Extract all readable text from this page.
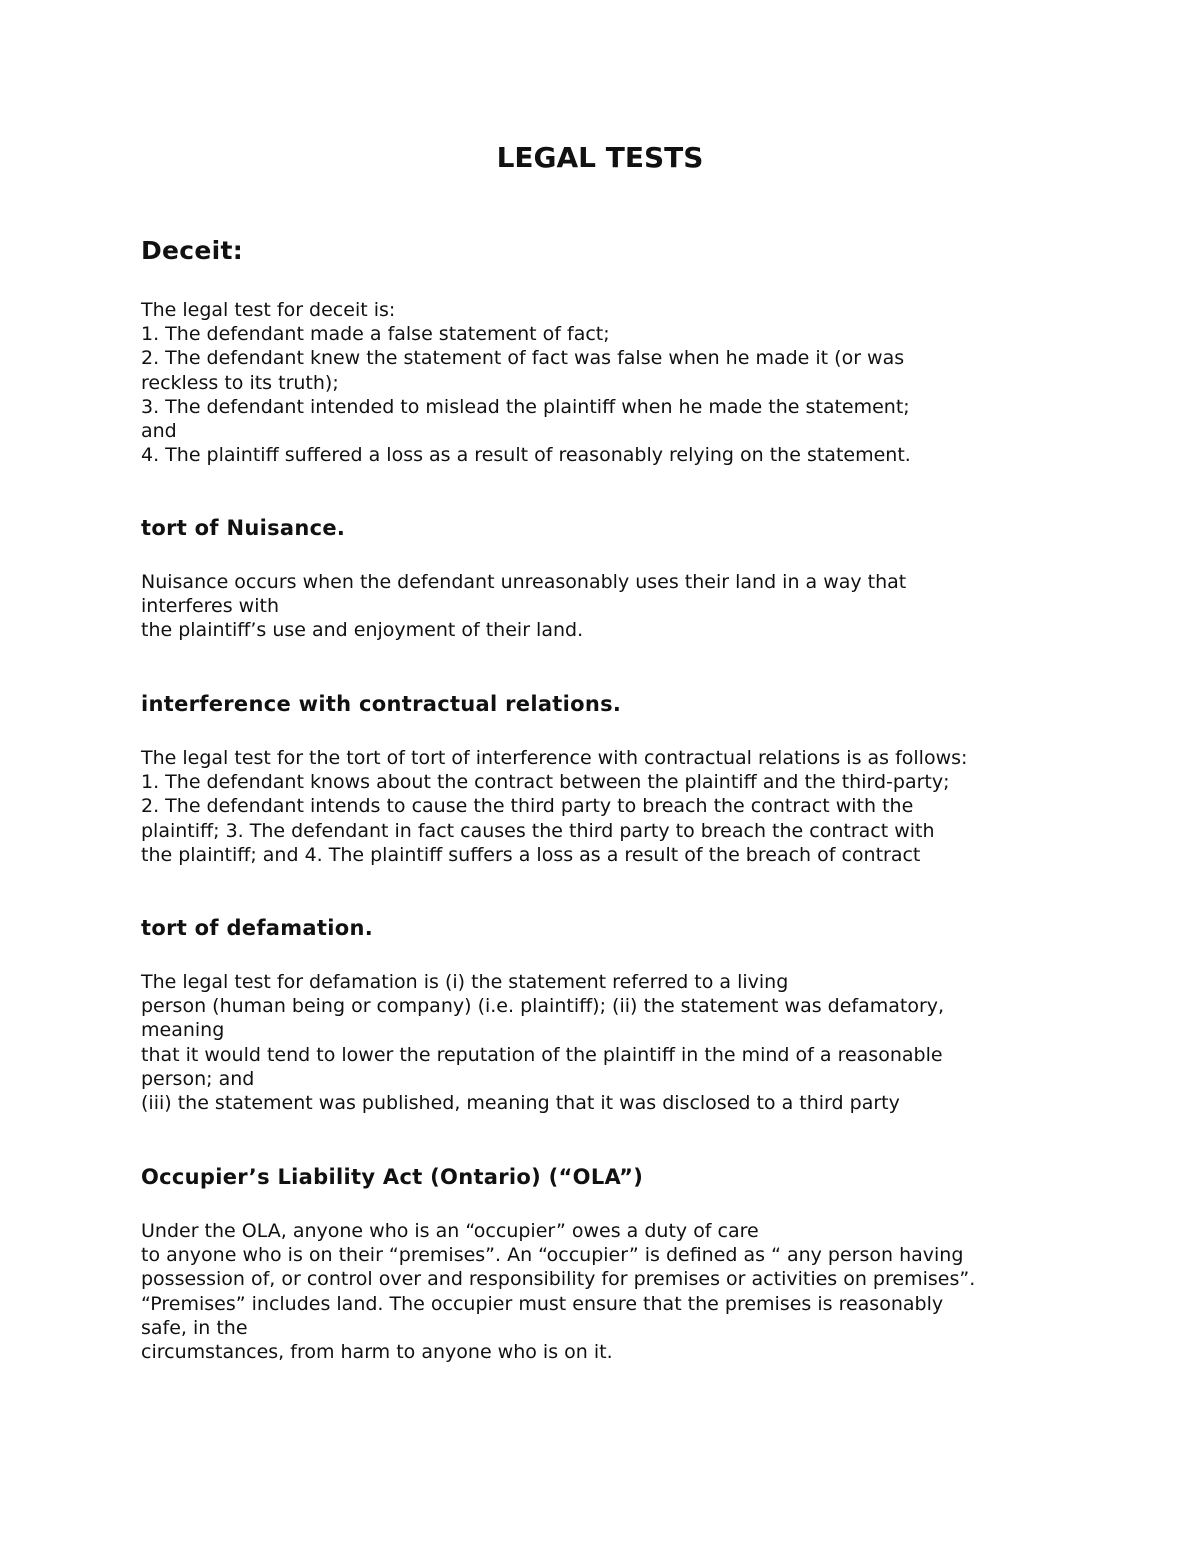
LEGAL TESTS
Deceit:
The legal test for deceit is:
1. The defendant made a false statement of fact;
2. The defendant knew the statement of fact was false when he made it (or was
reckless to its truth);
3. The defendant intended to mislead the plaintiff when he made the statement;
and
4. The plaintiff suffered a loss as a result of reasonably relying on the statement.
tort of Nuisance.
Nuisance occurs when the defendant unreasonably uses their land in a way that
interferes with
the plaintiff’s use and enjoyment of their land.
interference with contractual relations.
The legal test for the tort of tort of interference with contractual relations is as follows:
1. The defendant knows about the contract between the plaintiff and the third-party;
2. The defendant intends to cause the third party to breach the contract with the
plaintiff; 3. The defendant in fact causes the third party to breach the contract with
the plaintiff; and 4. The plaintiff suffers a loss as a result of the breach of contract
tort of defamation.
The legal test for defamation is (i) the statement referred to a living
person (human being or company) (i.e. plaintiff); (ii) the statement was defamatory,
meaning
that it would tend to lower the reputation of the plaintiff in the mind of a reasonable
person; and
(iii) the statement was published, meaning that it was disclosed to a third party
Occupier’s Liability Act (Ontario) (“OLA”)
Under the OLA, anyone who is an “occupier” owes a duty of care
to anyone who is on their “premises”. An “occupier” is defined as “ any person having
possession of, or control over and responsibility for premises or activities on premises”.
“Premises” includes land. The occupier must ensure that the premises is reasonably
safe, in the
circumstances, from harm to anyone who is on it.
